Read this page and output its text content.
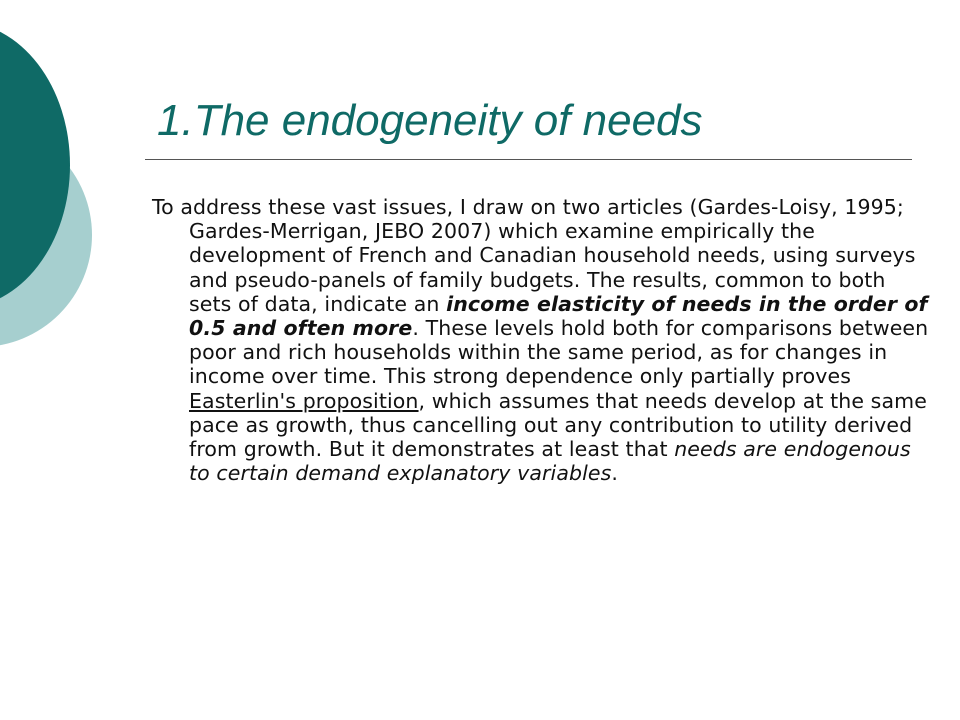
1.The endogeneity of needs

To address these vast issues, I draw on two articles (Gardes-Loisy, 1995; Gardes-Merrigan, JEBO 2007) which examine empirically the development of French and Canadian household needs, using surveys and pseudo-panels of family budgets. The results, common to both sets of data, indicate an income elasticity of needs in the order of 0.5 and often more. These levels hold both for comparisons between poor and rich households within the same period, as for changes in income over time. This strong dependence only partially proves Easterlin's proposition, which assumes that needs develop at the same pace as growth, thus cancelling out any contribution to utility derived from growth. But it demonstrates at least that needs are endogenous to certain demand explanatory variables.
